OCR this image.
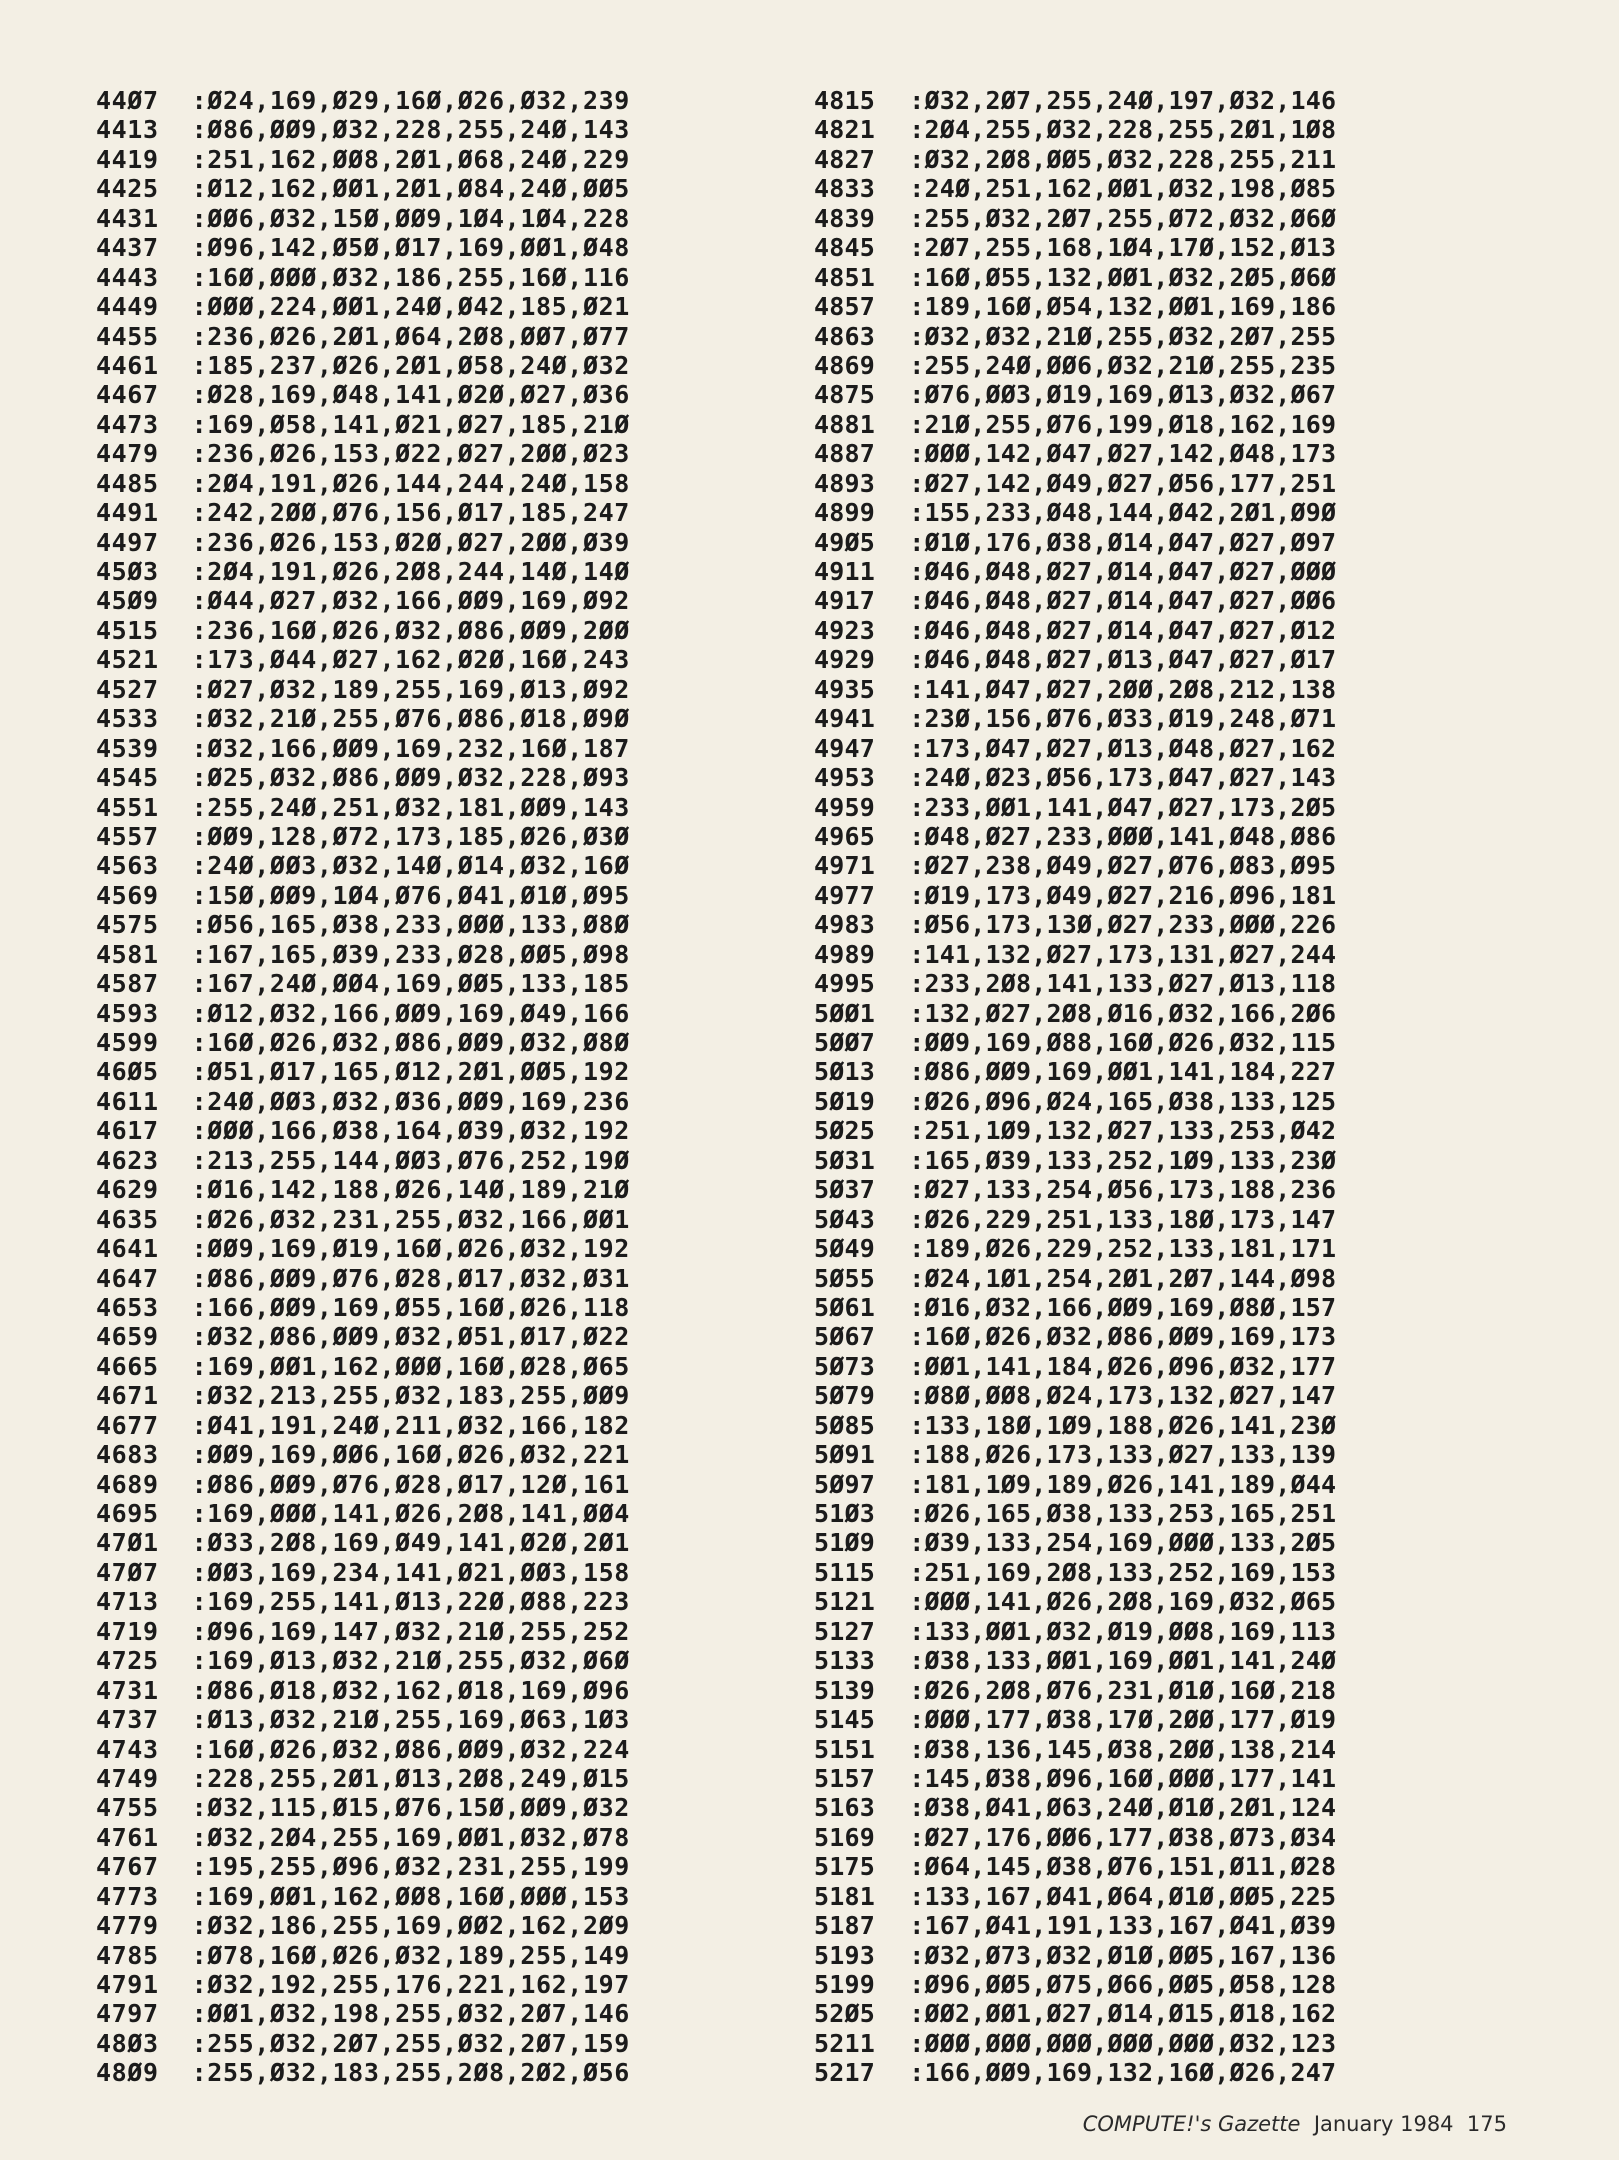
44Ø7 :Ø24,169,Ø29,16Ø,Ø26,Ø32,239
4413 :Ø86,ØØ9,Ø32,228,255,24Ø,143
4419 :251,162,ØØ8,2Ø1,Ø68,24Ø,229
4425 :Ø12,162,ØØ1,2Ø1,Ø84,24Ø,ØØ5
4431 :ØØ6,Ø32,15Ø,ØØ9,1Ø4,1Ø4,228
4437 :Ø96,142,Ø5Ø,Ø17,169,ØØ1,Ø48
4443 :16Ø,ØØØ,Ø32,186,255,16Ø,116
4449 :ØØØ,224,ØØ1,24Ø,Ø42,185,Ø21
4455 :236,Ø26,2Ø1,Ø64,2Ø8,ØØ7,Ø77
4461 :185,237,Ø26,2Ø1,Ø58,24Ø,Ø32
4467 :Ø28,169,Ø48,141,Ø2Ø,Ø27,Ø36
4473 :169,Ø58,141,Ø21,Ø27,185,21Ø
4479 :236,Ø26,153,Ø22,Ø27,2ØØ,Ø23
4485 :2Ø4,191,Ø26,144,244,24Ø,158
4491 :242,2ØØ,Ø76,156,Ø17,185,247
4497 :236,Ø26,153,Ø2Ø,Ø27,2ØØ,Ø39
45Ø3 :2Ø4,191,Ø26,2Ø8,244,14Ø,14Ø
45Ø9 :Ø44,Ø27,Ø32,166,ØØ9,169,Ø92
4515 :236,16Ø,Ø26,Ø32,Ø86,ØØ9,2ØØ
4521 :173,Ø44,Ø27,162,Ø2Ø,16Ø,243
4527 :Ø27,Ø32,189,255,169,Ø13,Ø92
4533 :Ø32,21Ø,255,Ø76,Ø86,Ø18,Ø9Ø
4539 :Ø32,166,ØØ9,169,232,16Ø,187
4545 :Ø25,Ø32,Ø86,ØØ9,Ø32,228,Ø93
4551 :255,24Ø,251,Ø32,181,ØØ9,143
4557 :ØØ9,128,Ø72,173,185,Ø26,Ø3Ø
4563 :24Ø,ØØ3,Ø32,14Ø,Ø14,Ø32,16Ø
4569 :15Ø,ØØ9,1Ø4,Ø76,Ø41,Ø1Ø,Ø95
4575 :Ø56,165,Ø38,233,ØØØ,133,Ø8Ø
4581 :167,165,Ø39,233,Ø28,ØØ5,Ø98
4587 :167,24Ø,ØØ4,169,ØØ5,133,185
4593 :Ø12,Ø32,166,ØØ9,169,Ø49,166
4599 :16Ø,Ø26,Ø32,Ø86,ØØ9,Ø32,Ø8Ø
46Ø5 :Ø51,Ø17,165,Ø12,2Ø1,ØØ5,192
4611 :24Ø,ØØ3,Ø32,Ø36,ØØ9,169,236
4617 :ØØØ,166,Ø38,164,Ø39,Ø32,192
4623 :213,255,144,ØØ3,Ø76,252,19Ø
4629 :Ø16,142,188,Ø26,14Ø,189,21Ø
4635 :Ø26,Ø32,231,255,Ø32,166,ØØ1
4641 :ØØ9,169,Ø19,16Ø,Ø26,Ø32,192
4647 :Ø86,ØØ9,Ø76,Ø28,Ø17,Ø32,Ø31
4653 :166,ØØ9,169,Ø55,16Ø,Ø26,118
4659 :Ø32,Ø86,ØØ9,Ø32,Ø51,Ø17,Ø22
4665 :169,ØØ1,162,ØØØ,16Ø,Ø28,Ø65
4671 :Ø32,213,255,Ø32,183,255,ØØ9
4677 :Ø41,191,24Ø,211,Ø32,166,182
4683 :ØØ9,169,ØØ6,16Ø,Ø26,Ø32,221
4689 :Ø86,ØØ9,Ø76,Ø28,Ø17,12Ø,161
4695 :169,ØØØ,141,Ø26,2Ø8,141,ØØ4
47Ø1 :Ø33,2Ø8,169,Ø49,141,Ø2Ø,2Ø1
47Ø7 :ØØ3,169,234,141,Ø21,ØØ3,158
4713 :169,255,141,Ø13,22Ø,Ø88,223
4719 :Ø96,169,147,Ø32,21Ø,255,252
4725 :169,Ø13,Ø32,21Ø,255,Ø32,Ø6Ø
4731 :Ø86,Ø18,Ø32,162,Ø18,169,Ø96
4737 :Ø13,Ø32,21Ø,255,169,Ø63,1Ø3
4743 :16Ø,Ø26,Ø32,Ø86,ØØ9,Ø32,224
4749 :228,255,2Ø1,Ø13,2Ø8,249,Ø15
4755 :Ø32,115,Ø15,Ø76,15Ø,ØØ9,Ø32
4761 :Ø32,2Ø4,255,169,ØØ1,Ø32,Ø78
4767 :195,255,Ø96,Ø32,231,255,199
4773 :169,ØØ1,162,ØØ8,16Ø,ØØØ,153
4779 :Ø32,186,255,169,ØØ2,162,2Ø9
4785 :Ø78,16Ø,Ø26,Ø32,189,255,149
4791 :Ø32,192,255,176,221,162,197
4797 :ØØ1,Ø32,198,255,Ø32,2Ø7,146
48Ø3 :255,Ø32,2Ø7,255,Ø32,2Ø7,159
48Ø9 :255,Ø32,183,255,2Ø8,2Ø2,Ø56
4815 :Ø32,2Ø7,255,24Ø,197,Ø32,146
4821 :2Ø4,255,Ø32,228,255,2Ø1,1Ø8
4827 :Ø32,2Ø8,ØØ5,Ø32,228,255,211
4833 :24Ø,251,162,ØØ1,Ø32,198,Ø85
4839 :255,Ø32,2Ø7,255,Ø72,Ø32,Ø6Ø
4845 :2Ø7,255,168,1Ø4,17Ø,152,Ø13
4851 :16Ø,Ø55,132,ØØ1,Ø32,2Ø5,Ø6Ø
4857 :189,16Ø,Ø54,132,ØØ1,169,186
4863 :Ø32,Ø32,21Ø,255,Ø32,2Ø7,255
4869 :255,24Ø,ØØ6,Ø32,21Ø,255,235
4875 :Ø76,ØØ3,Ø19,169,Ø13,Ø32,Ø67
4881 :21Ø,255,Ø76,199,Ø18,162,169
4887 :ØØØ,142,Ø47,Ø27,142,Ø48,173
4893 :Ø27,142,Ø49,Ø27,Ø56,177,251
4899 :155,233,Ø48,144,Ø42,2Ø1,Ø9Ø
49Ø5 :Ø1Ø,176,Ø38,Ø14,Ø47,Ø27,Ø97
4911 :Ø46,Ø48,Ø27,Ø14,Ø47,Ø27,ØØØ
4917 :Ø46,Ø48,Ø27,Ø14,Ø47,Ø27,ØØ6
4923 :Ø46,Ø48,Ø27,Ø14,Ø47,Ø27,Ø12
4929 :Ø46,Ø48,Ø27,Ø13,Ø47,Ø27,Ø17
4935 :141,Ø47,Ø27,2ØØ,2Ø8,212,138
4941 :23Ø,156,Ø76,Ø33,Ø19,248,Ø71
4947 :173,Ø47,Ø27,Ø13,Ø48,Ø27,162
4953 :24Ø,Ø23,Ø56,173,Ø47,Ø27,143
4959 :233,ØØ1,141,Ø47,Ø27,173,2Ø5
4965 :Ø48,Ø27,233,ØØØ,141,Ø48,Ø86
4971 :Ø27,238,Ø49,Ø27,Ø76,Ø83,Ø95
4977 :Ø19,173,Ø49,Ø27,216,Ø96,181
4983 :Ø56,173,13Ø,Ø27,233,ØØØ,226
4989 :141,132,Ø27,173,131,Ø27,244
4995 :233,2Ø8,141,133,Ø27,Ø13,118
5ØØ1 :132,Ø27,2Ø8,Ø16,Ø32,166,2Ø6
5ØØ7 :ØØ9,169,Ø88,16Ø,Ø26,Ø32,115
5Ø13 :Ø86,ØØ9,169,ØØ1,141,184,227
5Ø19 :Ø26,Ø96,Ø24,165,Ø38,133,125
5Ø25 :251,1Ø9,132,Ø27,133,253,Ø42
5Ø31 :165,Ø39,133,252,1Ø9,133,23Ø
5Ø37 :Ø27,133,254,Ø56,173,188,236
5Ø43 :Ø26,229,251,133,18Ø,173,147
5Ø49 :189,Ø26,229,252,133,181,171
5Ø55 :Ø24,1Ø1,254,2Ø1,2Ø7,144,Ø98
5Ø61 :Ø16,Ø32,166,ØØ9,169,Ø8Ø,157
5Ø67 :16Ø,Ø26,Ø32,Ø86,ØØ9,169,173
5Ø73 :ØØ1,141,184,Ø26,Ø96,Ø32,177
5Ø79 :Ø8Ø,ØØ8,Ø24,173,132,Ø27,147
5Ø85 :133,18Ø,1Ø9,188,Ø26,141,23Ø
5Ø91 :188,Ø26,173,133,Ø27,133,139
5Ø97 :181,1Ø9,189,Ø26,141,189,Ø44
51Ø3 :Ø26,165,Ø38,133,253,165,251
51Ø9 :Ø39,133,254,169,ØØØ,133,2Ø5
5115 :251,169,2Ø8,133,252,169,153
5121 :ØØØ,141,Ø26,2Ø8,169,Ø32,Ø65
5127 :133,ØØ1,Ø32,Ø19,ØØ8,169,113
5133 :Ø38,133,ØØ1,169,ØØ1,141,24Ø
5139 :Ø26,2Ø8,Ø76,231,Ø1Ø,16Ø,218
5145 :ØØØ,177,Ø38,17Ø,2ØØ,177,Ø19
5151 :Ø38,136,145,Ø38,2ØØ,138,214
5157 :145,Ø38,Ø96,16Ø,ØØØ,177,141
5163 :Ø38,Ø41,Ø63,24Ø,Ø1Ø,2Ø1,124
5169 :Ø27,176,ØØ6,177,Ø38,Ø73,Ø34
5175 :Ø64,145,Ø38,Ø76,151,Ø11,Ø28
5181 :133,167,Ø41,Ø64,Ø1Ø,ØØ5,225
5187 :167,Ø41,191,133,167,Ø41,Ø39
5193 :Ø32,Ø73,Ø32,Ø1Ø,ØØ5,167,136
5199 :Ø96,ØØ5,Ø75,Ø66,ØØ5,Ø58,128
52Ø5 :ØØ2,ØØ1,Ø27,Ø14,Ø15,Ø18,162
5211 :ØØØ,ØØØ,ØØØ,ØØØ,ØØØ,Ø32,123
5217 :166,ØØ9,169,132,16Ø,Ø26,247
COMPUTE!'s Gazette January 1984 175
